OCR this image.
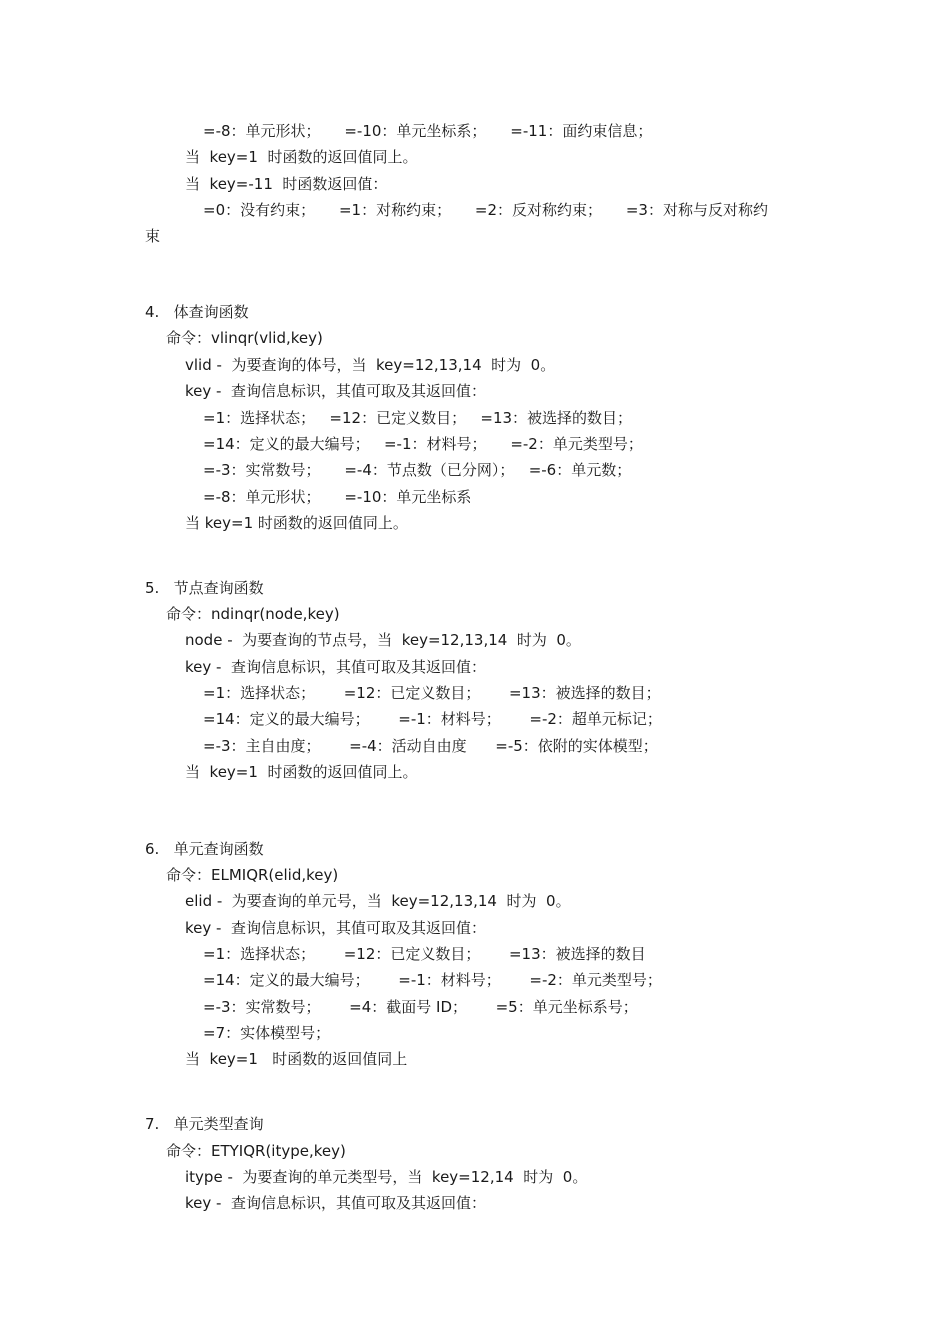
=-8：单元形状；     =-10：单元坐标系；     =-11：面约束信息；
当  key=1  时函数的返回值同上。
当  key=-11  时函数返回值：
=0：没有约束；     =1：对称约束；     =2：反对称约束；     =3：对称与反对称约
束
4.   体查询函数
命令：vlinqr(vlid,key)
vlid -  为要查询的体号，当  key=12,13,14  时为  0。
key -  查询信息标识，其值可取及其返回值：
=1：选择状态；   =12：已定义数目；   =13：被选择的数目；
=14：定义的最大编号；   =-1：材料号；     =-2：单元类型号；
=-3：实常数号；     =-4：节点数（已分网）；   =-6：单元数；
=-8：单元形状；     =-10：单元坐标系
当 key=1 时函数的返回值同上。
5.   节点查询函数
命令：ndinqr(node,key)
node -  为要查询的节点号，当  key=12,13,14  时为  0。
key -  查询信息标识，其值可取及其返回值：
=1：选择状态；      =12：已定义数目；      =13：被选择的数目；
=14：定义的最大编号；      =-1：材料号；      =-2：超单元标记；
=-3：主自由度；      =-4：活动自由度      =-5：依附的实体模型；
当  key=1  时函数的返回值同上。
6.   单元查询函数
命令：ELMIQR(elid,key)
elid -  为要查询的单元号，当  key=12,13,14  时为  0。
key -  查询信息标识，其值可取及其返回值：
=1：选择状态；      =12：已定义数目；      =13：被选择的数目
=14：定义的最大编号；      =-1：材料号；      =-2：单元类型号；
=-3：实常数号；      =4：截面号 ID；      =5：单元坐标系号；
=7：实体模型号；
当  key=1   时函数的返回值同上
7.   单元类型查询
命令：ETYIQR(itype,key)
itype -  为要查询的单元类型号，当  key=12,14  时为  0。
key -  查询信息标识，其值可取及其返回值：
